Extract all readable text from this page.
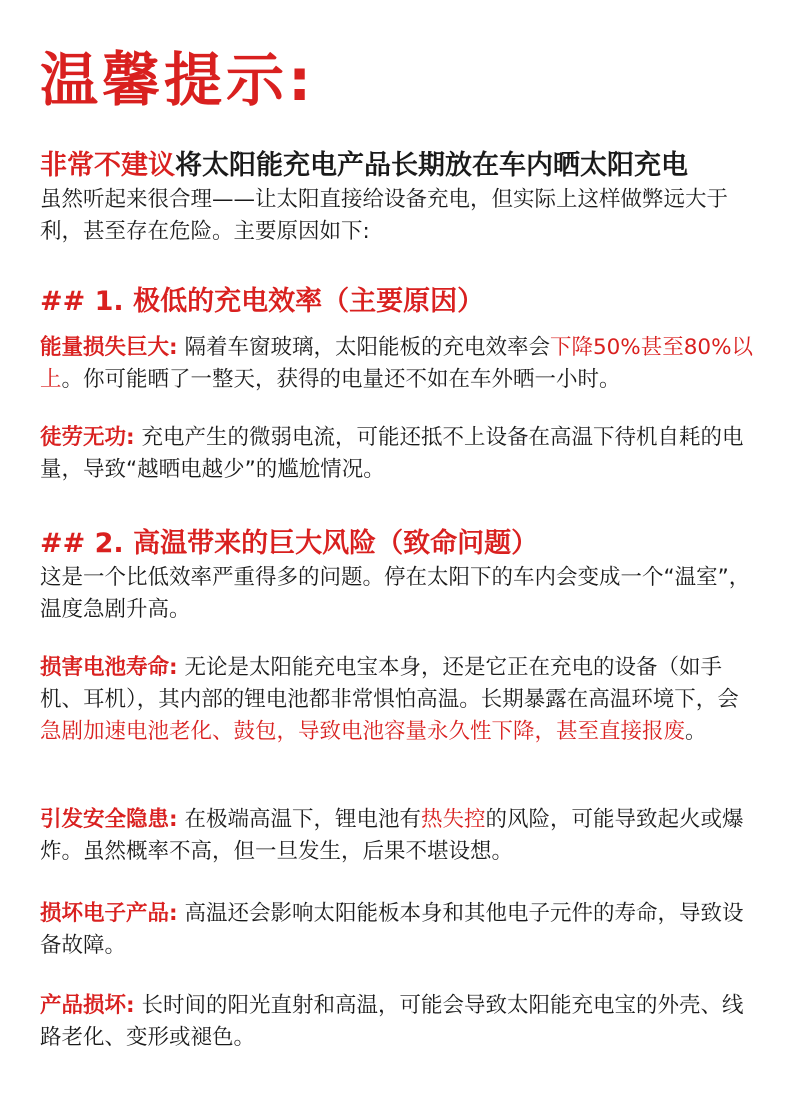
温馨提示:
非常不建议将太阳能充电产品长期放在车内晒太阳充电
虽然听起来很合理——让太阳直接给设备充电，但实际上这样做弊远大于利，甚至存在危险。主要原因如下:
## 1. 极低的充电效率（主要原因）
能量损失巨大: 隔着车窗玻璃，太阳能板的充电效率会下降50%甚至80%以上。你可能晒了一整天，获得的电量还不如在车外晒一小时。
徒劳无功: 充电产生的微弱电流，可能还抵不上设备在高温下待机自耗的电量，导致“越晒电越少”的尴尬情况。
## 2. 高温带来的巨大风险（致命问题）
这是一个比低效率严重得多的问题。停在太阳下的车内会变成一个“温室”，温度急剧升高。
损害电池寿命: 无论是太阳能充电宝本身，还是它正在充电的设备（如手机、耳机），其内部的锂电池都非常惧怕高温。长期暴露在高温环境下，会急剧加速电池老化、鼓包，导致电池容量永久性下降，甚至直接报废。
引发安全隐患: 在极端高温下，锂电池有热失控的风险，可能导致起火或爆炸。虽然概率不高，但一旦发生，后果不堪设想。
损坏电子产品: 高温还会影响太阳能板本身和其他电子元件的寿命，导致设备故障。
产品损坏: 长时间的阳光直射和高温，可能会导致太阳能充电宝的外壳、线路老化、变形或褪色。
